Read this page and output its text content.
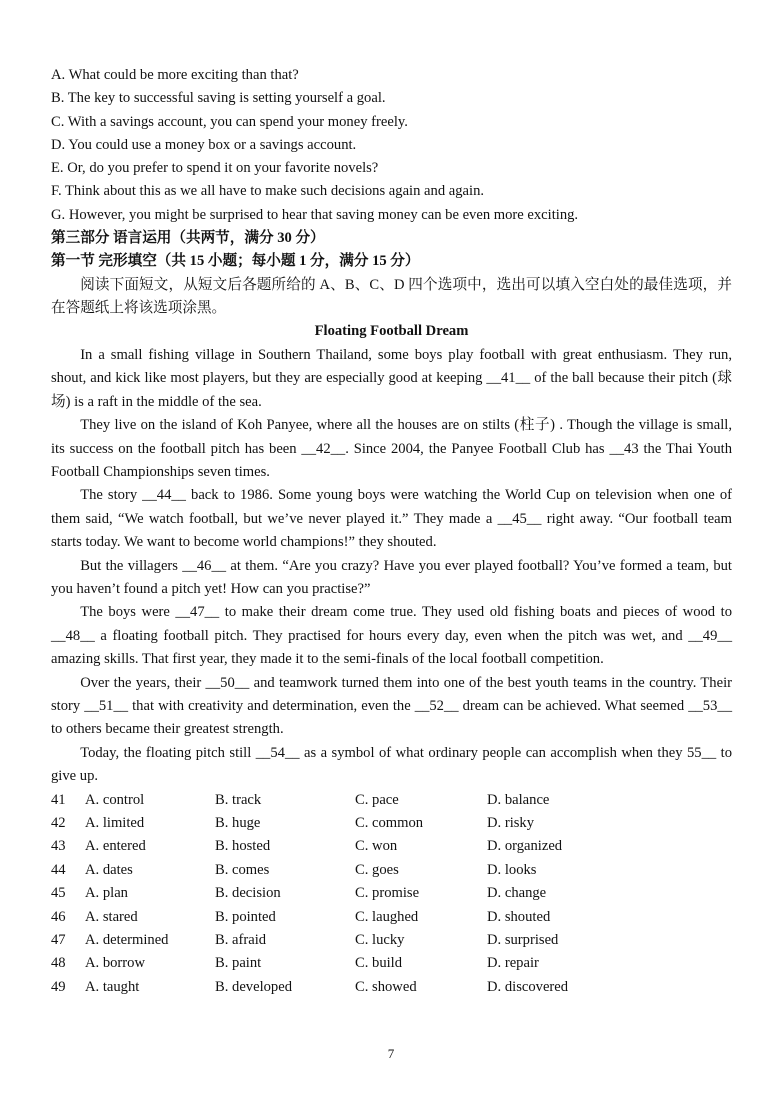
A. What could be more exciting than that?

B. The key to successful saving is setting yourself a goal.

C. With a savings account, you can spend your money freely.

D. You could use a money box or a savings account.

E. Or, do you prefer to spend it on your favorite novels?

F. Think about this as we all have to make such decisions again and again.

G. However, you might be surprised to hear that saving money can be even more exciting.

第三部分 语言运用（共两节，满分 30 分）

第一节 完形填空（共 15 小题；每小题 1 分，满分 15 分）

阅读下面短文，从短文后各题所给的 A、B、C、D 四个选项中，选出可以填入空白处的最佳选项，并在答题纸上将该选项涂黑。

Floating Football Dream

In a small fishing village in Southern Thailand, some boys play football with great enthusiasm. They run, shout, and kick like most players, but they are especially good at keeping __41__ of the ball because their pitch (球场) is a raft in the middle of the sea.

They live on the island of Koh Panyee, where all the houses are on stilts (柱子) . Though the village is small, its success on the football pitch has been __42__. Since 2004, the Panyee Football Club has __43 the Thai Youth Football Championships seven times.

The story __44__ back to 1986. Some young boys were watching the World Cup on television when one of them said, “We watch football, but we’ve never played it.” They made a __45__ right away. “Our football team starts today. We want to become world champions!” they shouted.

But the villagers __46__ at them. “Are you crazy? Have you ever played football? You’ve formed a team, but you haven’t found a pitch yet! How can you practise?”

The boys were __47__ to make their dream come true. They used old fishing boats and pieces of wood to __48__ a floating football pitch. They practised for hours every day, even when the pitch was wet, and __49__ amazing skills. That first year, they made it to the semi-finals of the local football competition.

Over the years, their __50__ and teamwork turned them into one of the best youth teams in the country. Their story __51__ that with creativity and determination, even the __52__ dream can be achieved. What seemed __53__ to others became their greatest strength.

Today, the floating pitch still __54__ as a symbol of what ordinary people can accomplish when they 55__ to give up.

41	A. control	B. track	C. pace	D. balance
42	A. limited	B. huge	C. common	D. risky
43	A. entered	B. hosted	C. won	D. organized
44	A. dates	B. comes	C. goes	D. looks
45	A. plan	B. decision	C. promise	D. change
46	A. stared	B. pointed	C. laughed	D. shouted
47	A. determined	B. afraid	C. lucky	D. surprised
48	A. borrow	B. paint	C. build	D. repair
49	A. taught	B. developed	C. showed	D. discovered
7
